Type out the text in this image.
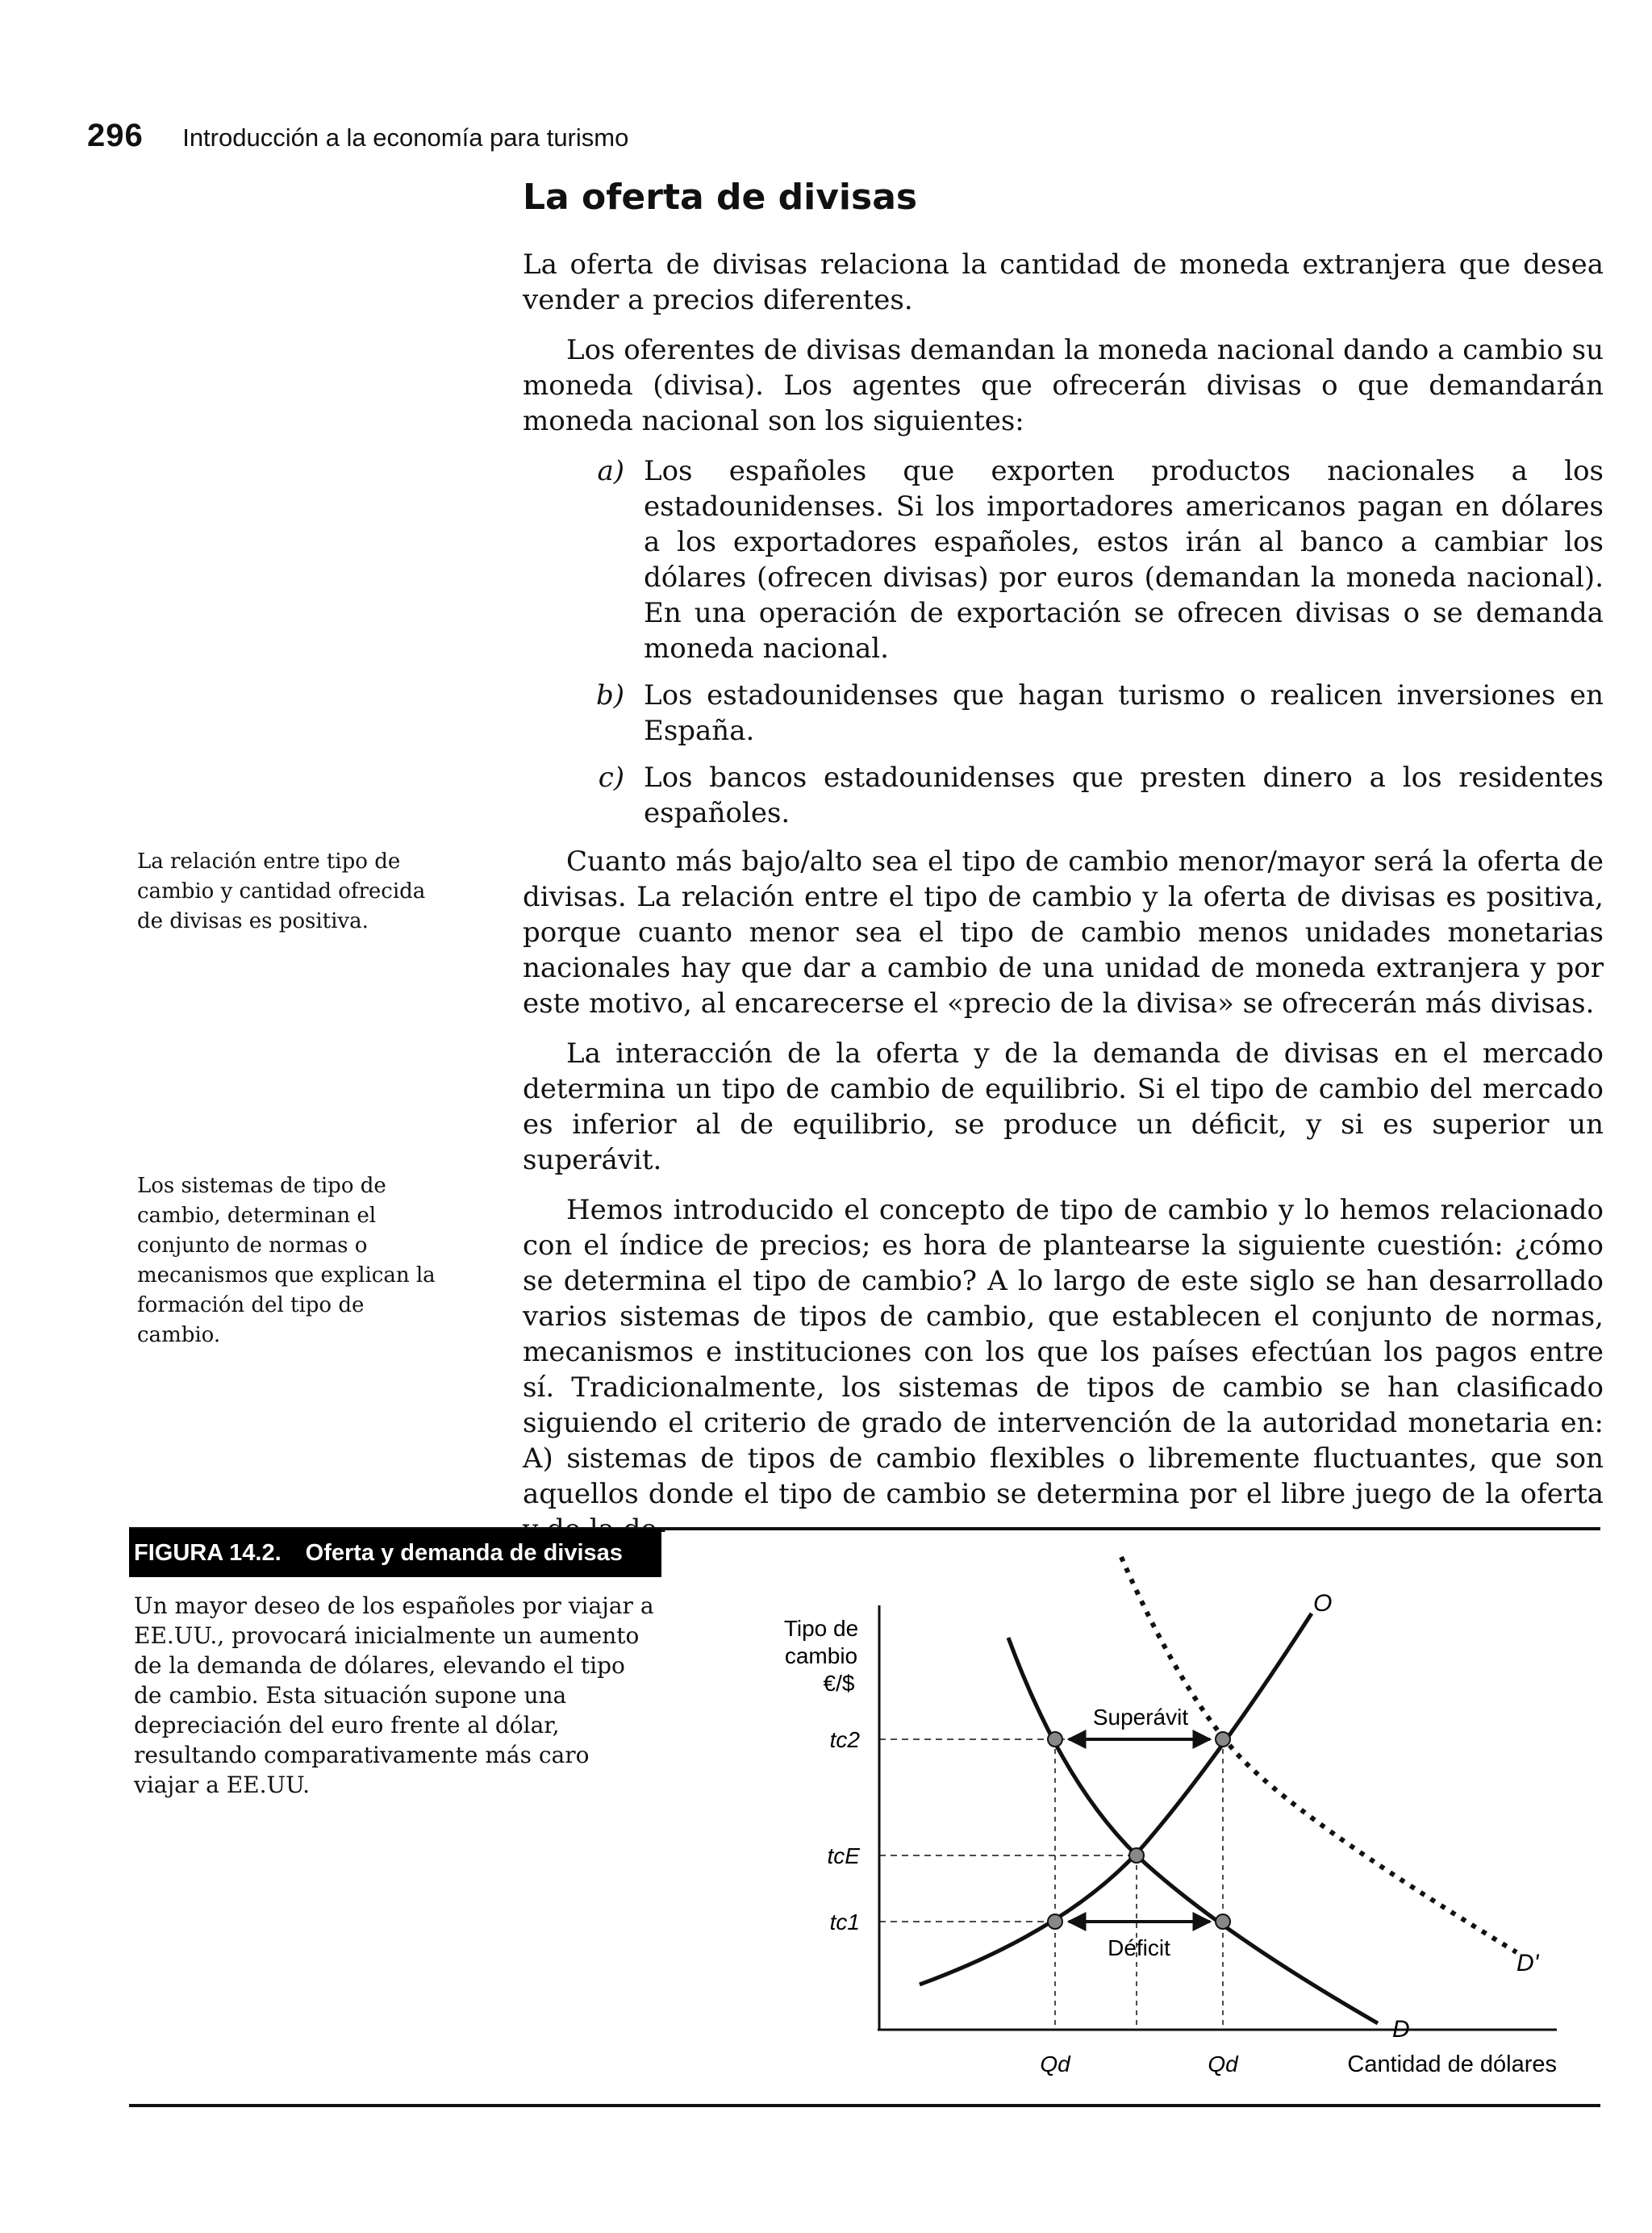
296 Introducción a la economía para turismo
La oferta de divisas

La oferta de divisas relaciona la cantidad de moneda extranjera que desea vender a precios diferentes.

Los oferentes de divisas demandan la moneda nacional dando a cambio su moneda (divisa). Los agentes que ofrecerán divisas o que demandarán moneda nacional son los siguientes:

a) Los españoles que exporten productos nacionales a los estadounidenses. Si los importadores americanos pagan en dólares a los exportadores españoles, estos irán al banco a cambiar los dólares (ofrecen divisas) por euros (demandan la moneda nacional). En una operación de exportación se ofrecen divisas o se demanda moneda nacional.
b) Los estadounidenses que hagan turismo o realicen inversiones en España.
c) Los bancos estadounidenses que presten dinero a los residentes españoles.

Cuanto más bajo/alto sea el tipo de cambio menor/mayor será la oferta de divisas. La relación entre el tipo de cambio y la oferta de divisas es positiva, porque cuanto menor sea el tipo de cambio menos unidades monetarias nacionales hay que dar a cambio de una unidad de moneda extranjera y por este motivo, al encarecerse el «precio de la divisa» se ofrecerán más divisas.

La interacción de la oferta y de la demanda de divisas en el mercado determina un tipo de cambio de equilibrio. Si el tipo de cambio del mercado es inferior al de equilibrio, se produce un déficit, y si es superior un superávit.

Hemos introducido el concepto de tipo de cambio y lo hemos relacionado con el índice de precios; es hora de plantearse la siguiente cuestión: ¿cómo se determina el tipo de cambio? A lo largo de este siglo se han desarrollado varios sistemas de tipos de cambio, que establecen el conjunto de normas, mecanismos e instituciones con los que los países efectúan los pagos entre sí. Tradicionalmente, los sistemas de tipos de cambio se han clasificado siguiendo el criterio de grado de intervención de la autoridad monetaria en: A) sistemas de tipos de cambio flexibles o libremente fluctuantes, que son aquellos donde el tipo de cambio se determina por el libre juego de la oferta

La relación entre tipo de cambio y cantidad ofrecida de divisas es positiva.
Los sistemas de tipo de cambio, determinan el conjunto de normas o mecanismos que explican la formación del tipo de cambio.
FIGURA 14.2. Oferta y demanda de divisas
Un mayor deseo de los españoles por viajar a EE.UU., provocará inicialmente un aumento de la demanda de dólares, elevando el tipo de cambio. Esta situación supone una depreciación del euro frente al dólar, resultando comparativamente más caro viajar a EE.UU.
Tipo de
cambio
€/$
O
D
D'
Superávit
Déficit
tc2
tcE
tc1
Qd	Qd	Cantidad de dólares
